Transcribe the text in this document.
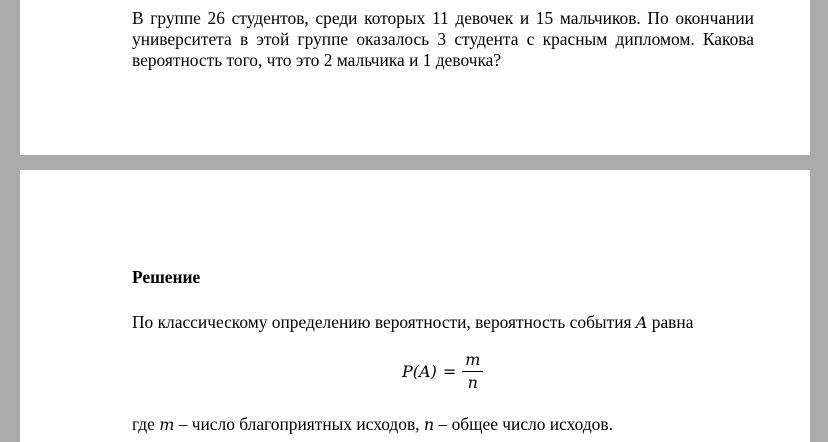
В группе 26 студентов, среди которых 11 девочек и 15 мальчиков. По окончании университета в этой группе оказалось 3 студента с красным дипломом. Какова вероятность того, что это 2 мальчика и 1 девочка?
Решение
По классическому определению вероятности, вероятность события A равна
$P(A) = \frac{m}{n}$
где m – число благоприятных исходов, n – общее число исходов.
